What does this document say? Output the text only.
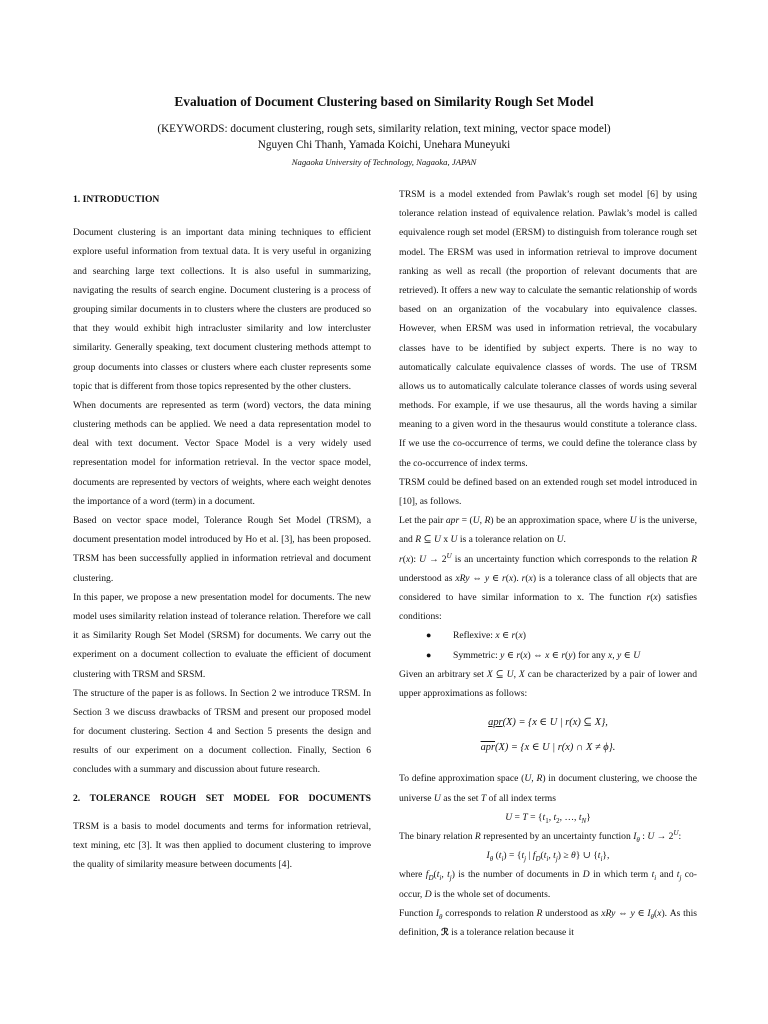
Evaluation of Document Clustering based on Similarity Rough Set Model
(KEYWORDS: document clustering, rough sets, similarity relation, text mining, vector space model)
Nguyen Chi Thanh, Yamada Koichi, Unehara Muneyuki
Nagaoka University of Technology, Nagaoka, JAPAN

1. INTRODUCTION

Document clustering is an important data mining techniques to efficient explore useful information from textual data. It is very useful in organizing and searching large text collections. It is also useful in summarizing, navigating the results of search engine. Document clustering is a process of grouping similar documents in to clusters where the clusters are produced so that they would exhibit high intracluster similarity and low intercluster similarity. Generally speaking, text document clustering methods attempt to group documents into classes or clusters where each cluster represents some topic that is different from those topics represented by the other clusters.

When documents are represented as term (word) vectors, the data mining clustering methods can be applied. We need a data representation model to deal with text document. Vector Space Model is a very widely used representation model for information retrieval. In the vector space model, documents are represented by vectors of weights, where each weight denotes the importance of a word (term) in a document.

Based on vector space model, Tolerance Rough Set Model (TRSM), a document presentation model introduced by Ho et al. [3], has been proposed. TRSM has been successfully applied in information retrieval and document clustering.

In this paper, we propose a new presentation model for documents. The new model uses similarity relation instead of tolerance relation. Therefore we call it as Similarity Rough Set Model (SRSM) for documents. We carry out the experiment on a document collection to evaluate the efficient of document clustering with TRSM and SRSM.

The structure of the paper is as follows. In Section 2 we introduce TRSM. In Section 3 we discuss drawbacks of TRSM and present our proposed model for document clustering. Section 4 and Section 5 presents the design and results of our experiment on a document collection. Finally, Section 6 concludes with a summary and discussion about future research.

2. TOLERANCE ROUGH SET MODEL FOR DOCUMENTS

TRSM is a basis to model documents and terms for information retrieval, text mining, etc [3]. It was then applied to document clustering to improve the quality of similarity measure between documents [4].

TRSM is a model extended from Pawlak’s rough set model [6] by using tolerance relation instead of equivalence relation. Pawlak’s model is called equivalence rough set model (ERSM) to distinguish from tolerance rough set model. The ERSM was used in information retrieval to improve document ranking as well as recall (the proportion of relevant documents that are retrieved). It offers a new way to calculate the semantic relationship of words based on an organization of the vocabulary into equivalence classes. However, when ERSM was used in information retrieval, the vocabulary classes have to be identified by subject experts. There is no way to automatically calculate equivalence classes of words. The use of TRSM allows us to automatically calculate tolerance classes of words using several methods. For example, if we use thesaurus, all the words having a similar meaning to a given word in the thesaurus would constitute a tolerance class. If we use the co-occurrence of terms, we could define the tolerance class by the co-occurrence of index terms.

TRSM could be defined based on an extended rough set model introduced in [10], as follows.

Let the pair apr = (U, R) be an approximation space, where U is the universe, and R ⊆ U x U is a tolerance relation on U.

r(x): $U \to 2^U$ is an uncertainty function which corresponds to the relation R understood as xRy ⇔ y ∈ r(x). r(x) is a tolerance class of all objects that are considered to have similar information to x. The function r(x) satisfies conditions:

● Reflexive: x ∈ r(x)

● Symmetric: y ∈ r(x) ⇔ x ∈ r(y) for any x, y ∈ U

Given an arbitrary set X ⊆ U, X can be characterized by a pair of lower and upper approximations as follows:

apr(X) = {x ∈ U | r(x) ⊆ X},
$\overline{apr}(X) = \{x$ ∈ U | r(x) ∩ X ≠ ϕ}.

To define approximation space (U, R) in document clustering, we choose the universe U as the set T of all index terms

$U = T = \{t_1$, $t_2$, …, $t_N$}

The binary relation R represented by an uncertainty function $I_\theta$ : $U \to 2^U$:

$I_\theta$ $(t_i) = \{t_j$ | $f_D(t_i$, $t_j) \ge \theta$} ∪ $\{t_i\}$,

where $f_D(t_i$, $t_j$) is the number of documents in D in which term $t_i$ and $t_j$ co-occur, D is the whole set of documents.

Function $I_\theta$ corresponds to relation R understood as xRy ⇔ y ∈ $I_\theta(x)$. As this definition, ℛ is a tolerance relation because it
